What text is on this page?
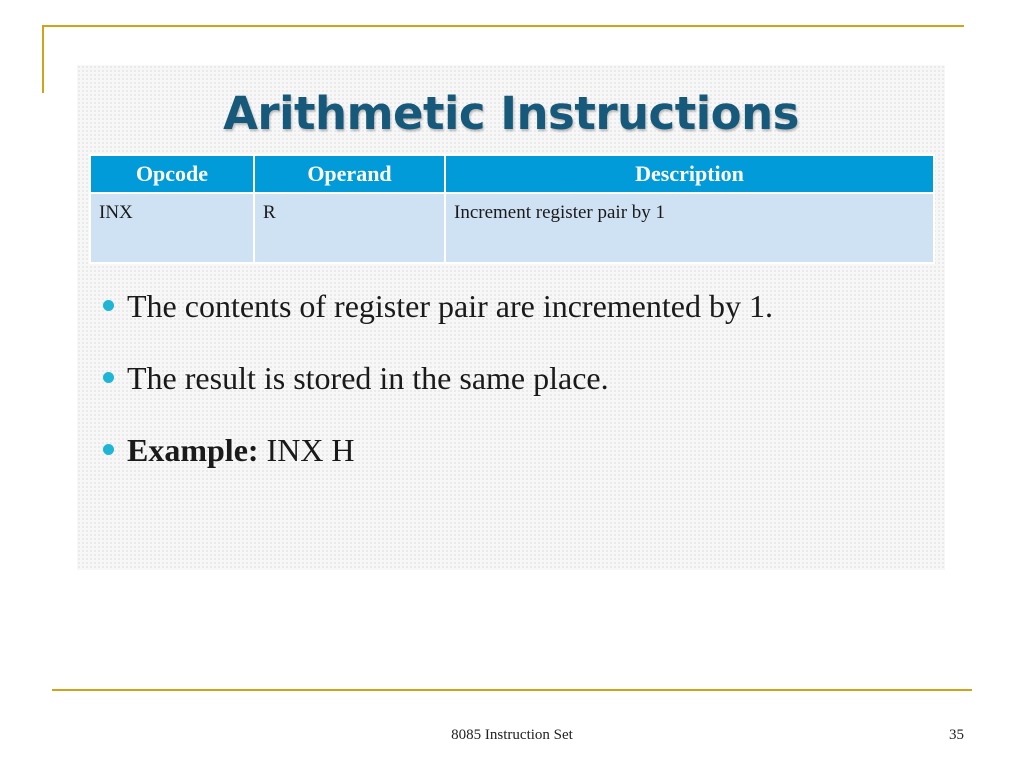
Arithmetic Instructions
Opcode	Operand	Description
INX	R	Increment register pair by 1
The contents of register pair are incremented by 1.
The result is stored in the same place.
Example: INX H
8085 Instruction Set	35
